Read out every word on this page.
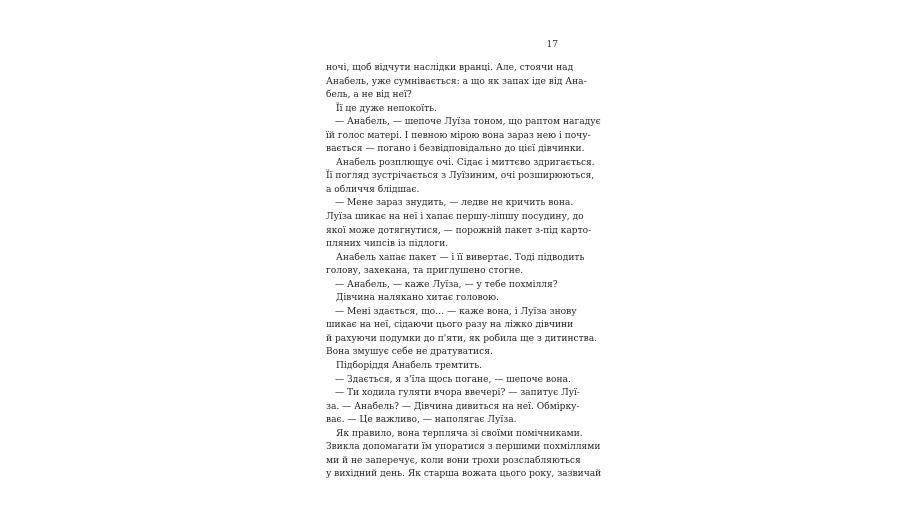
17
ночі, щоб відчути наслідки вранці. Але, стоячи над
Анабель, уже сумнівається: а що як запах іде від Ана-
бель, а не від неї?
Її це дуже непокоїть.
— Анабель, — шепоче Луїза тоном, що раптом нагадує
їй голос матері. І певною мірою вона зараз нею і почу-
вається — погано і безвідповідально до цієї дівчинки.
Анабель розплющує очі. Сідає і миттєво здригається.
Її погляд зустрічається з Луїзиним, очі розширюються,
а обличчя блідшає.
— Мене зараз знудить, — ледве не кричить вона.
Луїза шикає на неї і хапає першу-ліпшу посудину, до
якої може дотягнутися, — порожній пакет з-під карто-
пляних чипсів із підлоги.
Анабель хапає пакет — і її вивертає. Тоді підводить
голову, захекана, та приглушено стогне.
— Анабель, — каже Луїза, — у тебе похмілля?
Дівчина налякано хитає головою.
— Мені здається, що… — каже вона, і Луїза знову
шикає на неї, сідаючи цього разу на ліжко дівчини
й рахуючи подумки до п'яти, як робила ще з дитинства.
Вона змушує себе не дратуватися.
Підборіддя Анабель тремтить.
— Здається, я з'їла щось погане, — шепоче вона.
— Ти ходила гуляти вчора ввечері? — запитує Луї-
за. — Анабель? — Дівчина дивиться на неї. Обмірку-
ває. — Це важливо, — наполягає Луїза.
Як правило, вона терпляча зі своїми помічниками.
Звикла допомагати їм упоратися з першими похміллями
ми й не заперечує, коли вони трохи розслабляються
у вихідний день. Як старша вожата цього року, зазвичай
